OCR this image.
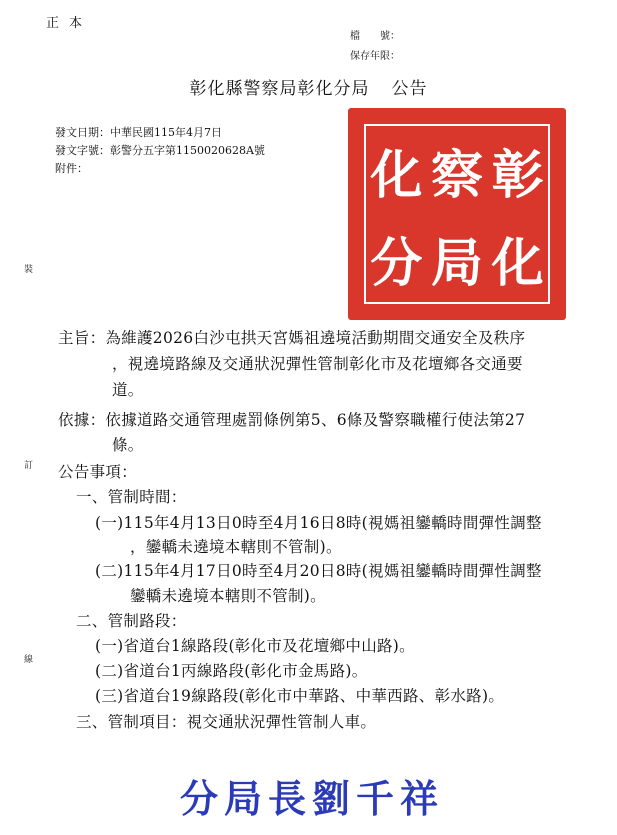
正本
檔　　號：
保存年限：
裝
訂
線
彰化縣警察局彰化分局 公告
發文日期：中華民國115年4月7日
發文字號：彰警分五字第1150020628A號
附件：	彰
察
化
化
局
分
主旨：為維護2026白沙屯拱天宮媽祖遶境活動期間交通安全及秩序
，視遶境路線及交通狀況彈性管制彰化市及花壇鄉各交通要
道。
依據：依據道路交通管理處罰條例第5、6條及警察職權行使法第27
條。
公告事項：
一、管制時間：
(一)115年4月13日0時至4月16日8時(視媽祖鑾轎時間彈性調整
，鑾轎未遶境本轄則不管制)。
(二)115年4月17日0時至4月20日8時(視媽祖鑾轎時間彈性調整
鑾轎未遶境本轄則不管制)。
二、管制路段：
(一)省道台1線路段(彰化市及花壇鄉中山路)。
(二)省道台1丙線路段(彰化市金馬路)。
(三)省道台19線路段(彰化市中華路、中華西路、彰水路)。
三、管制項目：視交通狀況彈性管制人車。
分局長劉千祥
